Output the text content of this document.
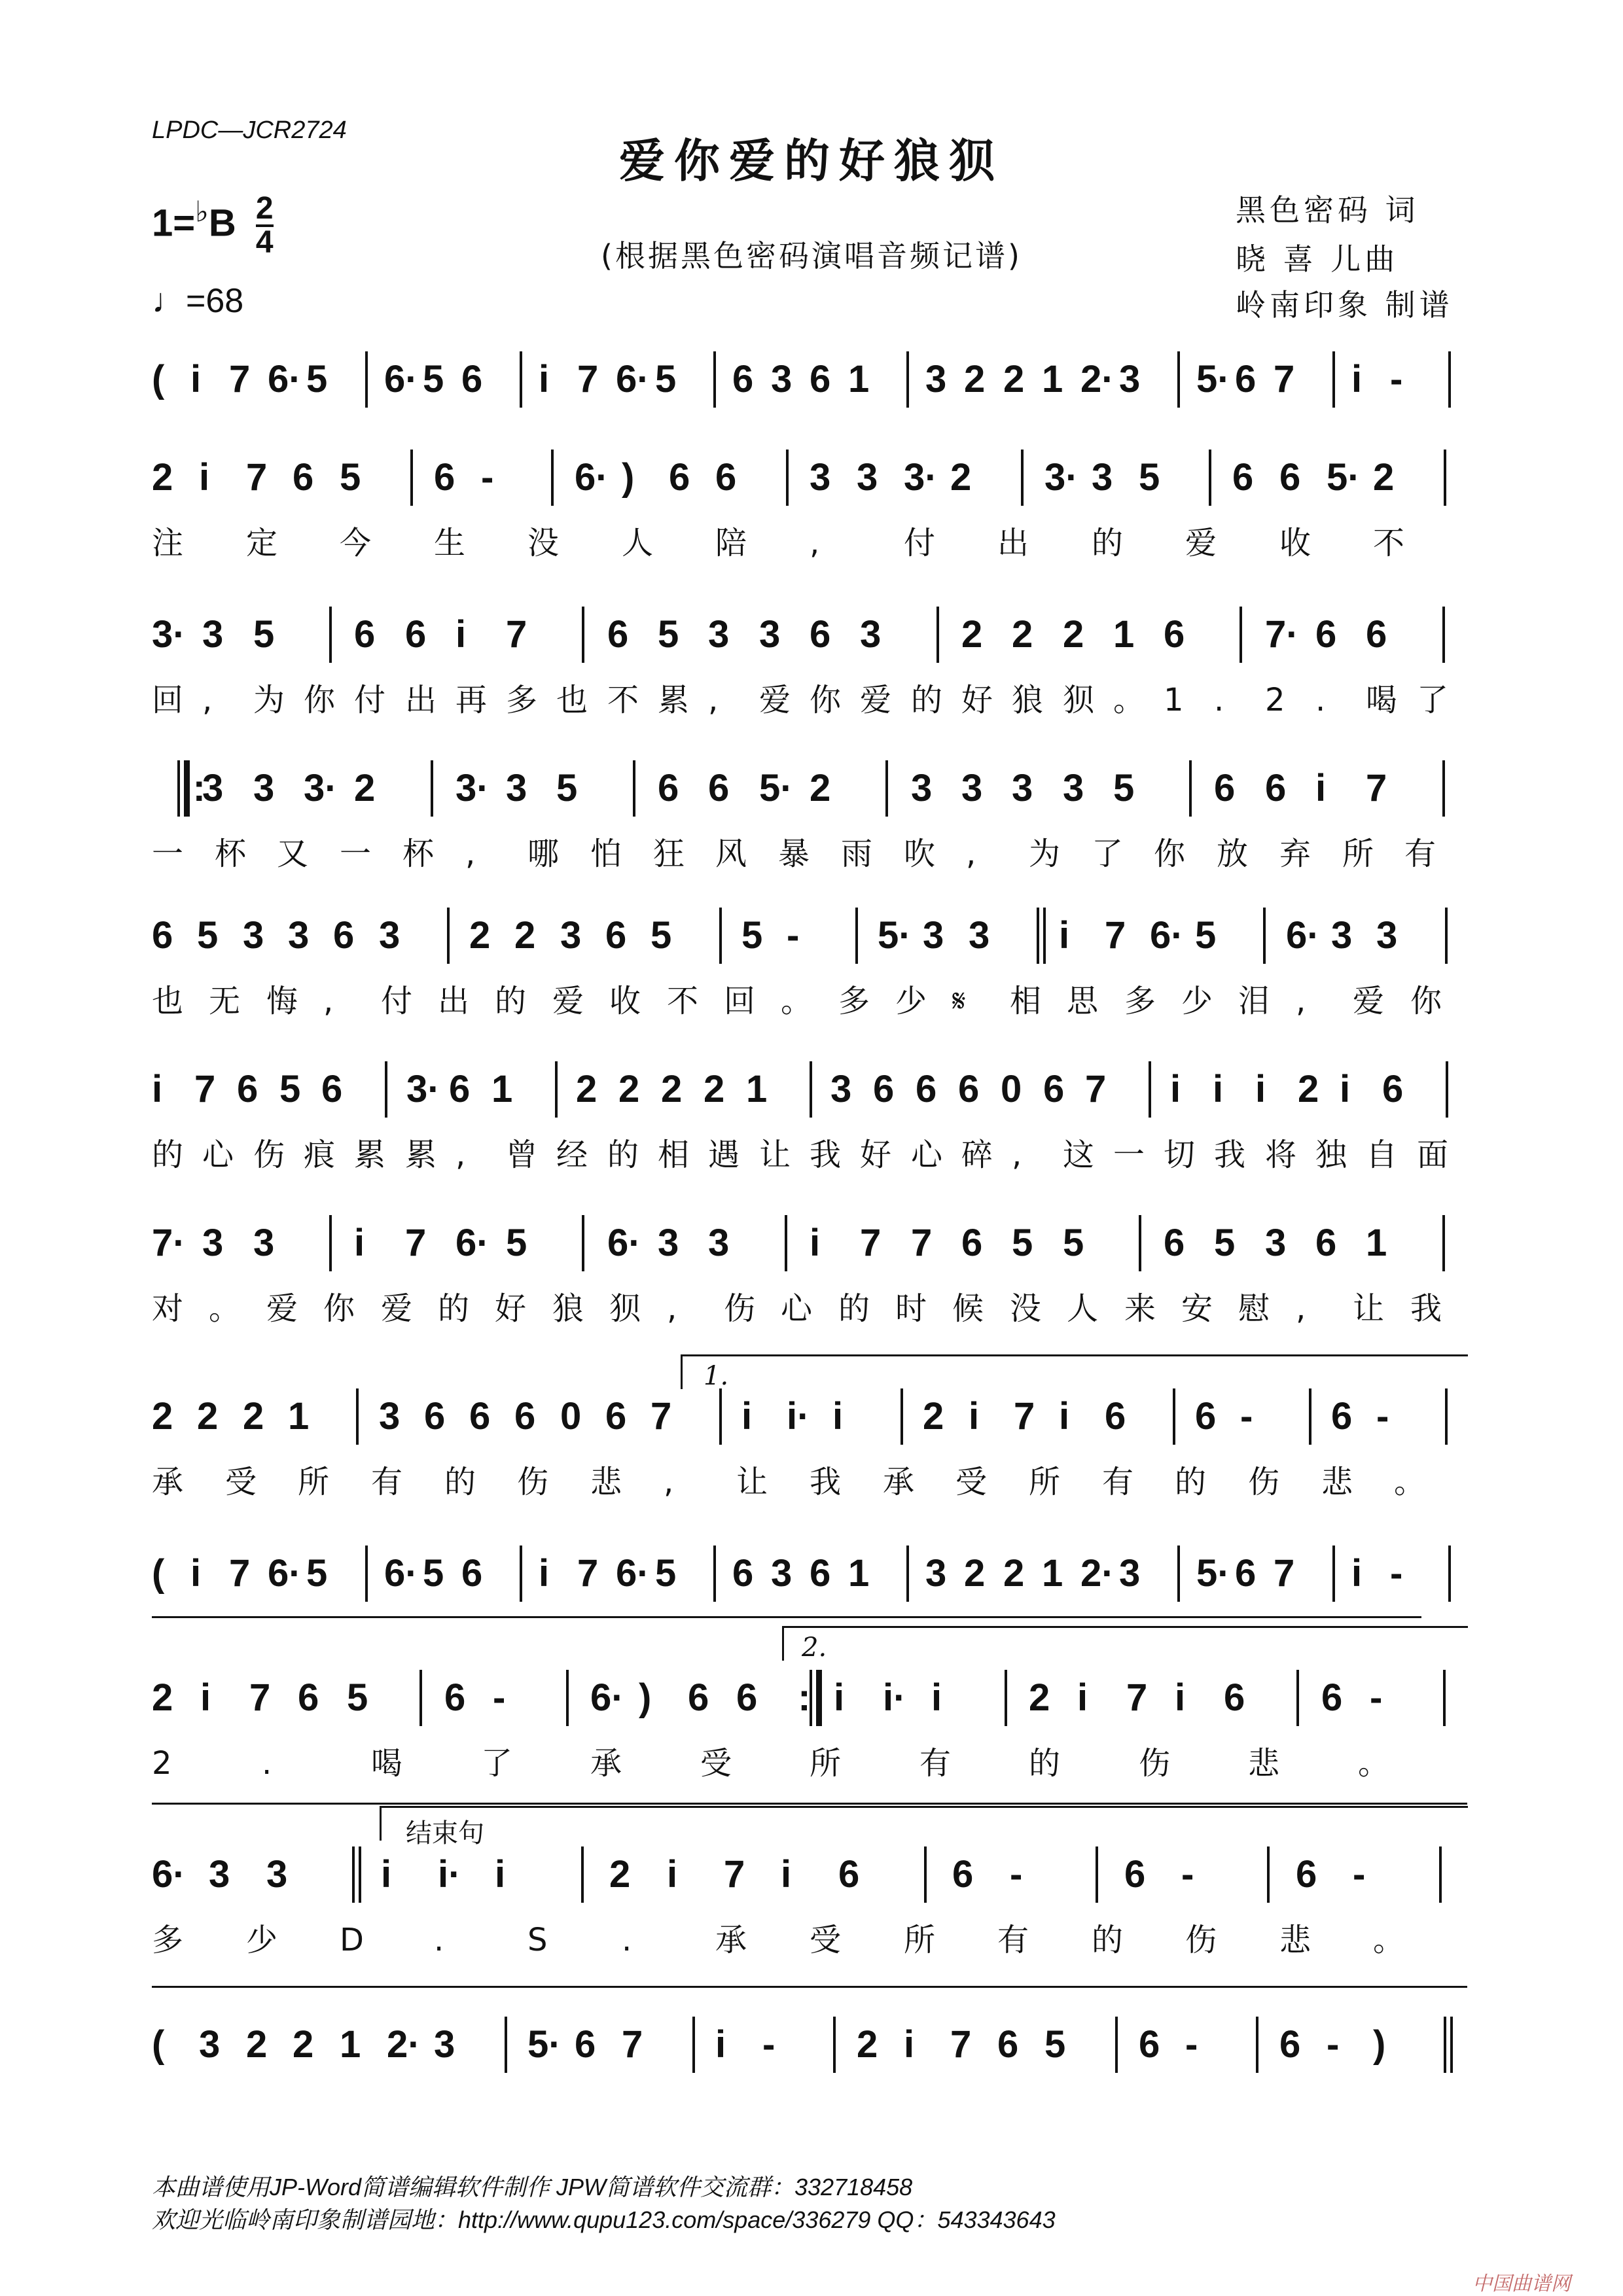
LPDC—JCR2724
爱你爱的好狼狈
(根据黑色密码演唱音频记谱)
$1=^♭B \frac{2}{4}$
♩=68
黑色密码 词
晓 喜 儿曲
岭南印象 制谱
( i 7 6· 5 6· 5 6 i 7 6· 5 6 3 6 1 3 2 2 1 2· 3 5· 6 7 i -
2 i 7 6 5 6 - 6· ) 6 6 3 3 3· 2 3· 3 5 6 6 5· 2
注 定 今 生 没 人 陪 ,	付 出 的 爱 收 不
3· 3 5 6 6 i 7 6 5 3 3 6 3 2 2 2 1 6 7· 6 6
回 , 为 你 付 出 再 多 也 不 累 , 爱 你 爱 的 好 狼 狈 。 1 . 2 . 喝 了
:
3 3 3· 2 3· 3 5 6 6 5· 2 3 3 3 3 5 6 6 i 7
一 杯 又 一 杯 , 哪 怕 狂 风 暴 雨 吹 , 为 了 你 放 弃 所 有
6 5 3 3 6 3 2 2 3 6 5 5 - 5· 3 3 i 7 6· 5 6· 3 3
也 无 悔 , 付 出 的 爱 收 不 回 。 多 少 𝄋 相 思 多 少 泪 , 爱 你
i 7 6 5 6 3· 6 1 2 2 2 2 1 3 6 6 6 0 6 7 i i i 2 i 6
的 心 伤 痕 累 累 , 曾 经 的 相 遇 让 我 好 心 碎 , 这 一 切 我 将 独 自 面
7· 3 3 i 7 6· 5 6· 3 3 i 7 7 6 5 5 6 5 3 6 1
对 。 爱 你 爱 的 好 狼 狈 , 伤 心 的 时 候 没 人 来 安 慰 , 让 我
2 2 2 1 3 6 6 6 0 6 7 i i· i 2 i 7 i 6 6 - 6 -
承 受 所 有 的 伤 悲 , 让 我 承 受 所 有 的 伤 悲 。
( i 7 6· 5 6· 5 6 i 7 6· 5 6 3 6 1 3 2 2 1 2· 3 5· 6 7 i -
2 i 7 6 5 6 - 6· ) 6 6 : i i· i 2 i 7 i 6 6 -
2	.	喝 了 承 受 所 有 的 伤 悲 。
6· 3 3 i i· i	2 i 7 i 6 6 -	6 -	6 -
多 少 D .	S .	承 受 所 有 的 伤 悲 。
( 3 2 2 1 2· 3 5· 6 7 i - 2 i 7 6 5 6 - 6 - )
本曲谱使用JP-Word简谱编辑软件制作 JPW简谱软件交流群：332718458
欢迎光临岭南印象制谱园地：http://www.qupu123.com/space/336279 QQ：543343643
中国曲谱网
1.
2.
结束句
